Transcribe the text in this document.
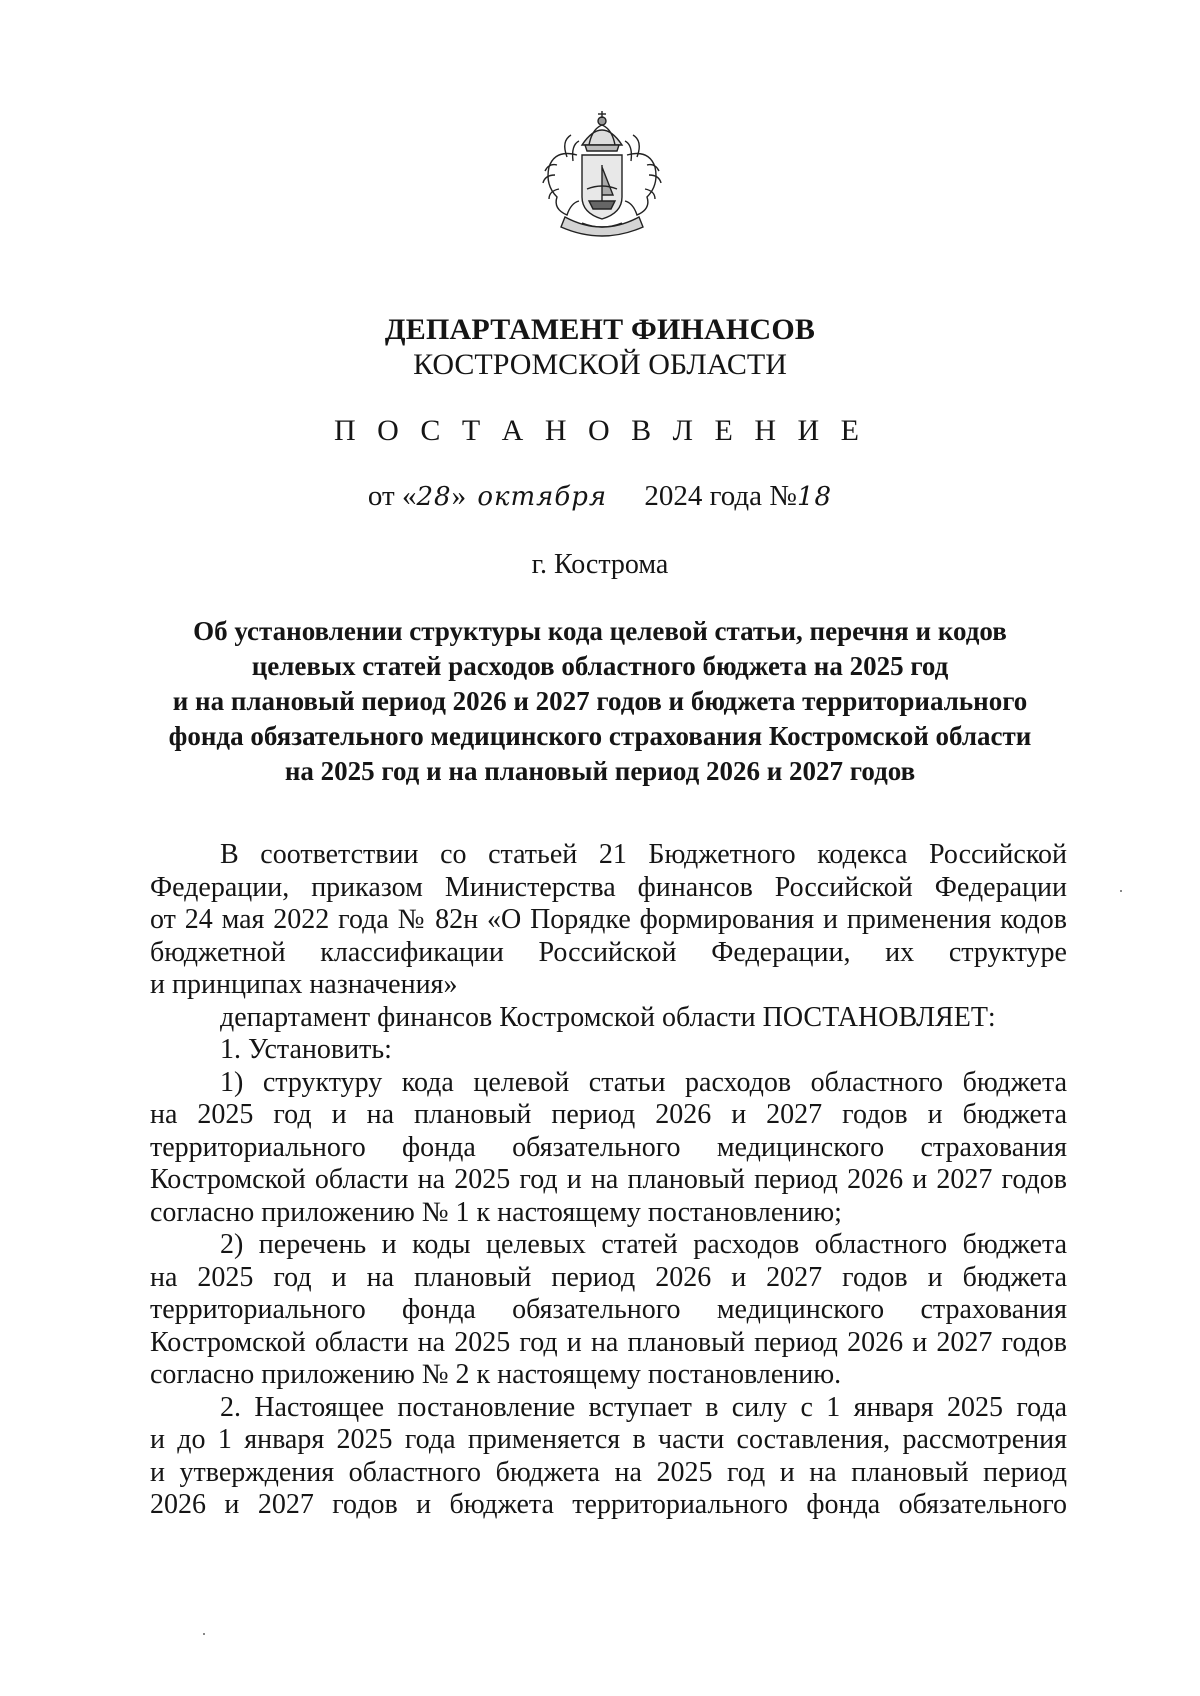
ДЕПАРТАМЕНТ ФИНАНСОВ
КОСТРОМСКОЙ ОБЛАСТИ
П О С Т А Н О В Л Е Н И Е
от «28» октября 2024 года №18
г. Кострома
Об установлении структуры кода целевой статьи, перечня и кодов
целевых статей расходов областного бюджета на 2025 год
и на плановый период 2026 и 2027 годов и бюджета территориального
фонда обязательного медицинского страхования Костромской области
на 2025 год и на плановый период 2026 и 2027 годов
В соответствии со статьей 21 Бюджетного кодекса Российской
Федерации, приказом Министерства финансов Российской Федерации
от 24 мая 2022 года № 82н «О Порядке формирования и применения кодов
бюджетной классификации Российской Федерации, их структуре
и принципах назначения»
департамент финансов Костромской области ПОСТАНОВЛЯЕТ:
1. Установить:
1) структуру кода целевой статьи расходов областного бюджета
на 2025 год и на плановый период 2026 и 2027 годов и бюджета
территориального фонда обязательного медицинского страхования
Костромской области на 2025 год и на плановый период 2026 и 2027 годов
согласно приложению № 1 к настоящему постановлению;
2) перечень и коды целевых статей расходов областного бюджета
на 2025 год и на плановый период 2026 и 2027 годов и бюджета
территориального фонда обязательного медицинского страхования
Костромской области на 2025 год и на плановый период 2026 и 2027 годов
согласно приложению № 2 к настоящему постановлению.
2. Настоящее постановление вступает в силу с 1 января 2025 года
и до 1 января 2025 года применяется в части составления, рассмотрения
и утверждения областного бюджета на 2025 год и на плановый период
2026 и 2027 годов и бюджета территориального фонда обязательного
